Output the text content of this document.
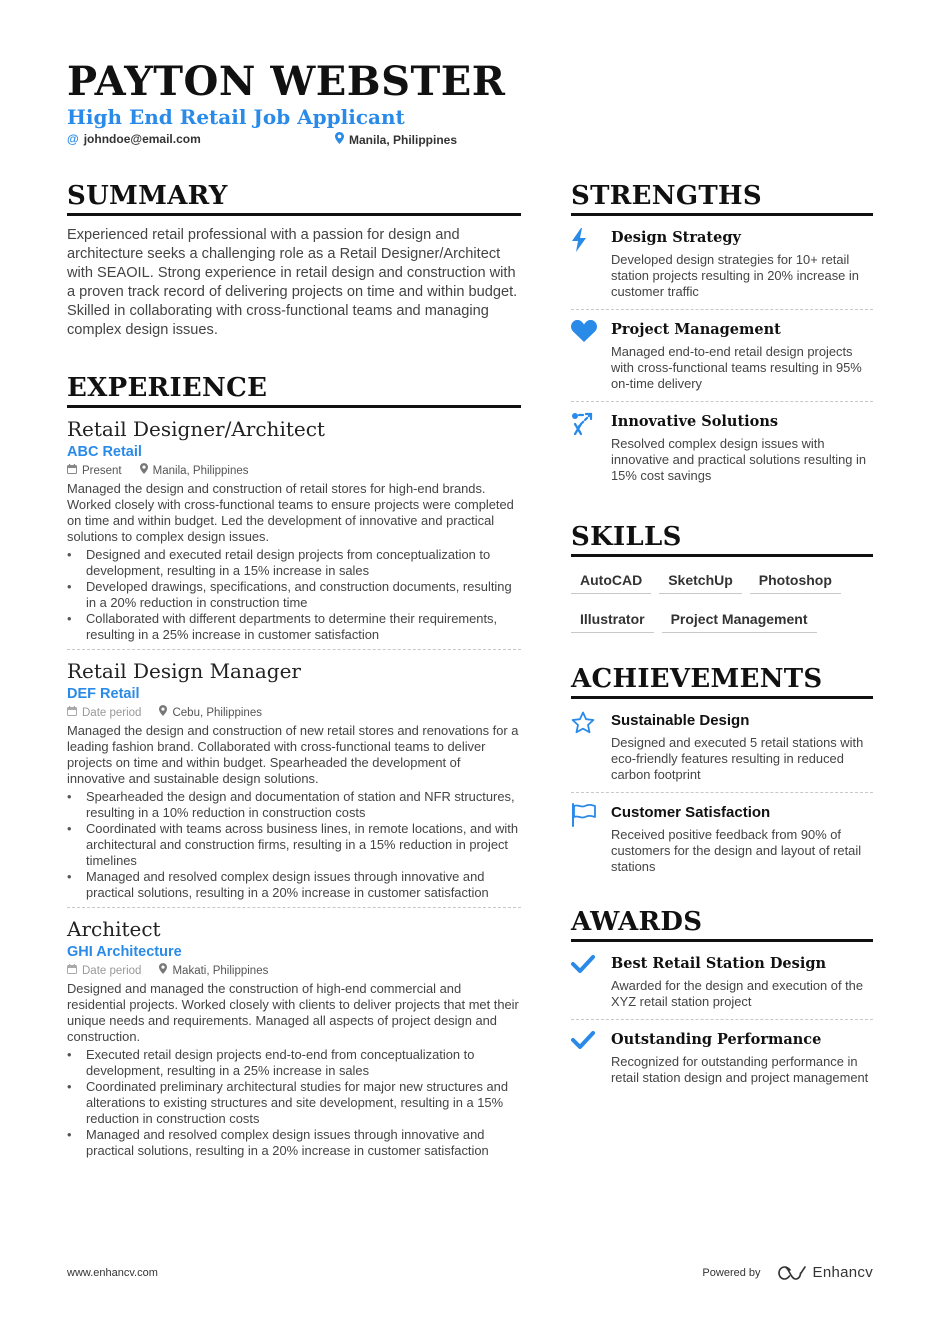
PAYTON WEBSTER
High End Retail Job Applicant
@ johndoe@email.com	Manila, Philippines
SUMMARY
Experienced retail professional with a passion for design and architecture seeks a challenging role as a Retail Designer/Architect with SEAOIL. Strong experience in retail design and construction with a proven track record of delivering projects on time and within budget. Skilled in collaborating with cross-functional teams and managing complex design issues.
EXPERIENCE
Retail Designer/Architect
ABC Retail
Present	Manila, Philippines
Managed the design and construction of retail stores for high-end brands. Worked closely with cross-functional teams to ensure projects were completed on time and within budget. Led the development of innovative and practical solutions to complex design issues.
• Designed and executed retail design projects from conceptualization to development, resulting in a 15% increase in sales
• Developed drawings, specifications, and construction documents, resulting in a 20% reduction in construction time
• Collaborated with different departments to determine their requirements, resulting in a 25% increase in customer satisfaction
Retail Design Manager
DEF Retail
Date period	Cebu, Philippines
Managed the design and construction of new retail stores and renovations for a leading fashion brand. Collaborated with cross-functional teams to deliver projects on time and within budget. Spearheaded the development of innovative and sustainable design solutions.
• Spearheaded the design and documentation of station and NFR structures, resulting in a 10% reduction in construction costs
• Coordinated with teams across business lines, in remote locations, and with architectural and construction firms, resulting in a 15% reduction in project timelines
• Managed and resolved complex design issues through innovative and practical solutions, resulting in a 20% increase in customer satisfaction
Architect
GHI Architecture
Date period	Makati, Philippines
Designed and managed the construction of high-end commercial and residential projects. Worked closely with clients to deliver projects that met their unique needs and requirements. Managed all aspects of project design and construction.
• Executed retail design projects end-to-end from conceptualization to development, resulting in a 25% increase in sales
• Coordinated preliminary architectural studies for major new structures and alterations to existing structures and site development, resulting in a 15% reduction in construction costs
• Managed and resolved complex design issues through innovative and practical solutions, resulting in a 20% increase in customer satisfaction
STRENGTHS
Design Strategy
Developed design strategies for 10+ retail station projects resulting in 20% increase in customer traffic
Project Management
Managed end-to-end retail design projects with cross-functional teams resulting in 95% on-time delivery
Innovative Solutions
Resolved complex design issues with innovative and practical solutions resulting in 15% cost savings
SKILLS
AutoCAD	SketchUp	Photoshop
Illustrator	Project Management
ACHIEVEMENTS
Sustainable Design
Designed and executed 5 retail stations with eco-friendly features resulting in reduced carbon footprint
Customer Satisfaction
Received positive feedback from 90% of customers for the design and layout of retail stations
AWARDS
Best Retail Station Design
Awarded for the design and execution of the XYZ retail station project
Outstanding Performance
Recognized for outstanding performance in retail station design and project management
www.enhancv.com	Powered by	Enhancv
